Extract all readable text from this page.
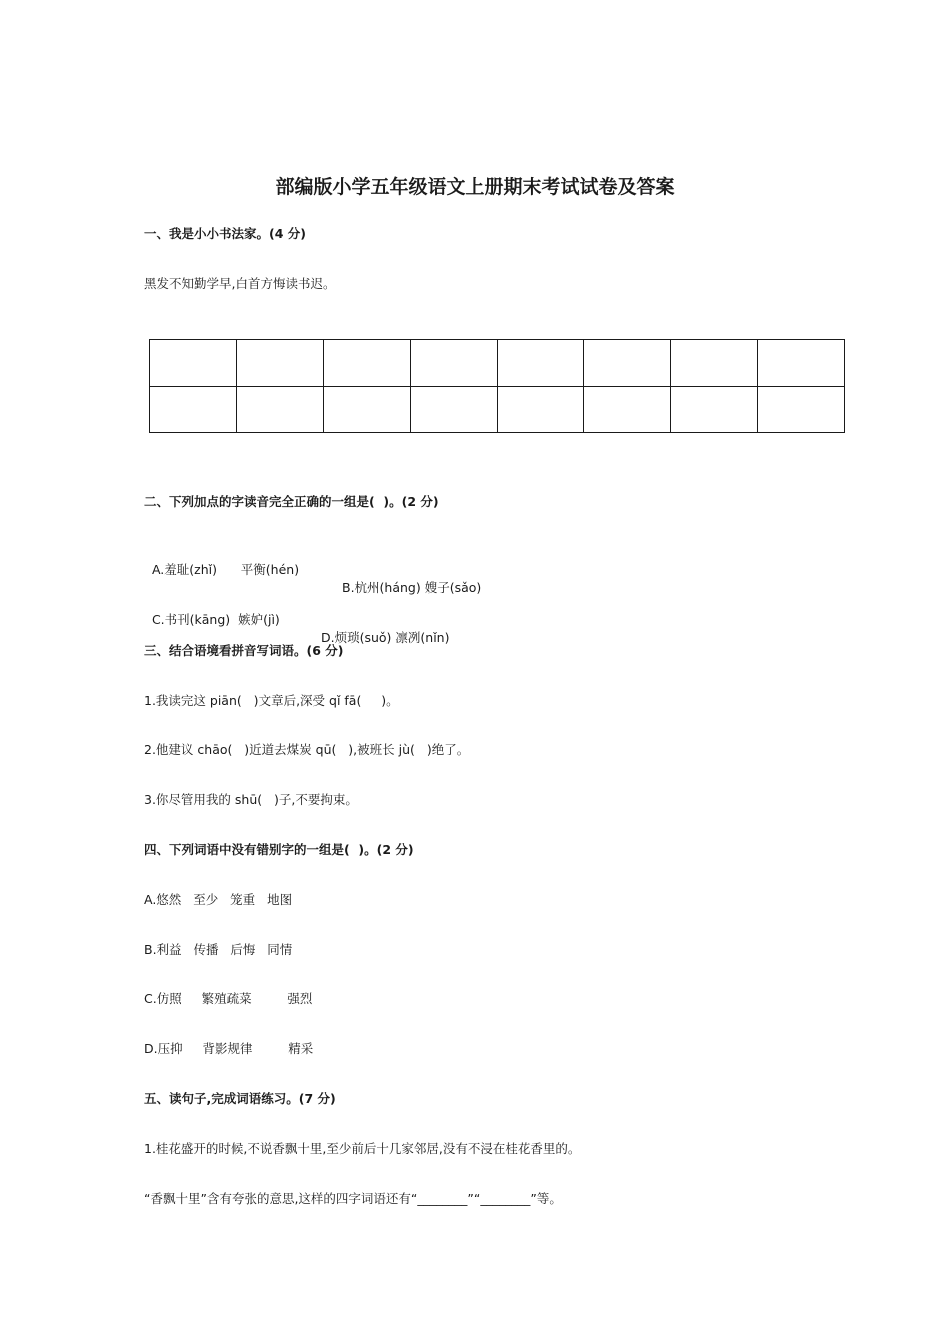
部编版小学五年级语文上册期末考试试卷及答案
一、我是小小书法家。(4 分)
黑发不知勤学早,白首方悔读书迟。

二、下列加点的字读音完全正确的一组是(  )。(2 分)

A.羞耻(zhǐ)      平衡(hén)

B.杭州(háng) 嫂子(sǎo)

C.书刊(kāng)  嫉妒(jì)

D.烦琐(suǒ) 凛冽(nǐn)

三、结合语境看拼音写词语。(6 分)
1.我读完这 piān(   )文章后,深受 qǐ fā(     )。
2.他建议 chāo(   )近道去煤炭 qū(   ),被班长 jù(   )绝了。
3.你尽管用我的 shū(   )子,不要拘束。
四、下列词语中没有错别字的一组是(  )。(2 分)
A.悠然   至少   笼重   地图
B.利益   传播   后悔   同情
C.仿照     繁殖疏菜         强烈
D.压抑     背影规律         精采
五、读句子,完成词语练习。(7 分)
1.桂花盛开的时候,不说香飘十里,至少前后十几家邻居,没有不浸在桂花香里的。
“香飘十里”含有夸张的意思,这样的四字词语还有“________”“________”等。
